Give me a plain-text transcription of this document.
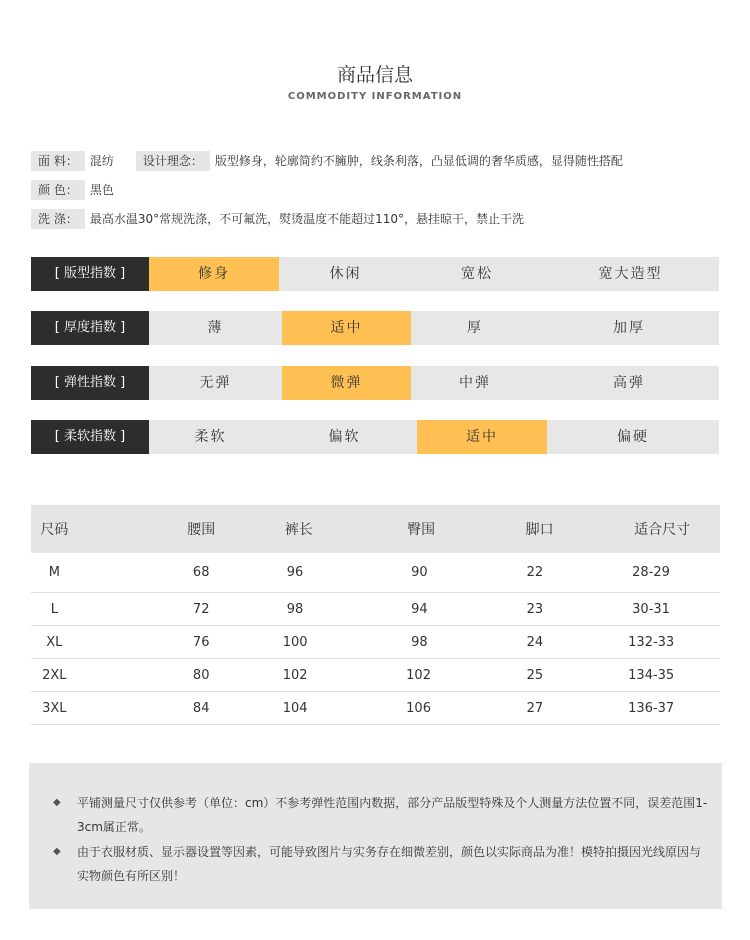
商品信息
COMMODITY INFORMATION
面 料：	混纺	设计理念：	版型修身，轮廓简约不臃肿，线条利落，凸显低调的奢华质感，显得随性搭配
颜 色：	黑色
洗 涤：	最高水温30°常规洗涤，不可氟洗，熨烫温度不能超过110°，悬挂晾干，禁止干洗
[ 版型指数 ]	修身	休闲	宽松	宽大造型
[ 厚度指数 ]	薄	适中	厚	加厚
[ 弹性指数 ]	无弹	微弹	中弹	高弹
[ 柔软指数 ]	柔软	偏软	适中	偏硬
尺码	腰围	裤长	臀围	脚口	适合尺寸
M	68	96	90	22	28-29
L	72	98	94	23	30-31
XL	76	100	98	24	132-33
2XL	80	102	102	25	134-35
3XL	84	104	106	27	136-37
◆	平铺测量尺寸仅供参考（单位：cm）不参考弹性范围内数据，部分产品版型特殊及个人测量方法位置不同，误差范围1-3cm属正常。
◆	由于衣服材质、显示器设置等因素，可能导致图片与实务存在细微差别，颜色以实际商品为准！模特拍摄因光线原因与实物颜色有所区别！
